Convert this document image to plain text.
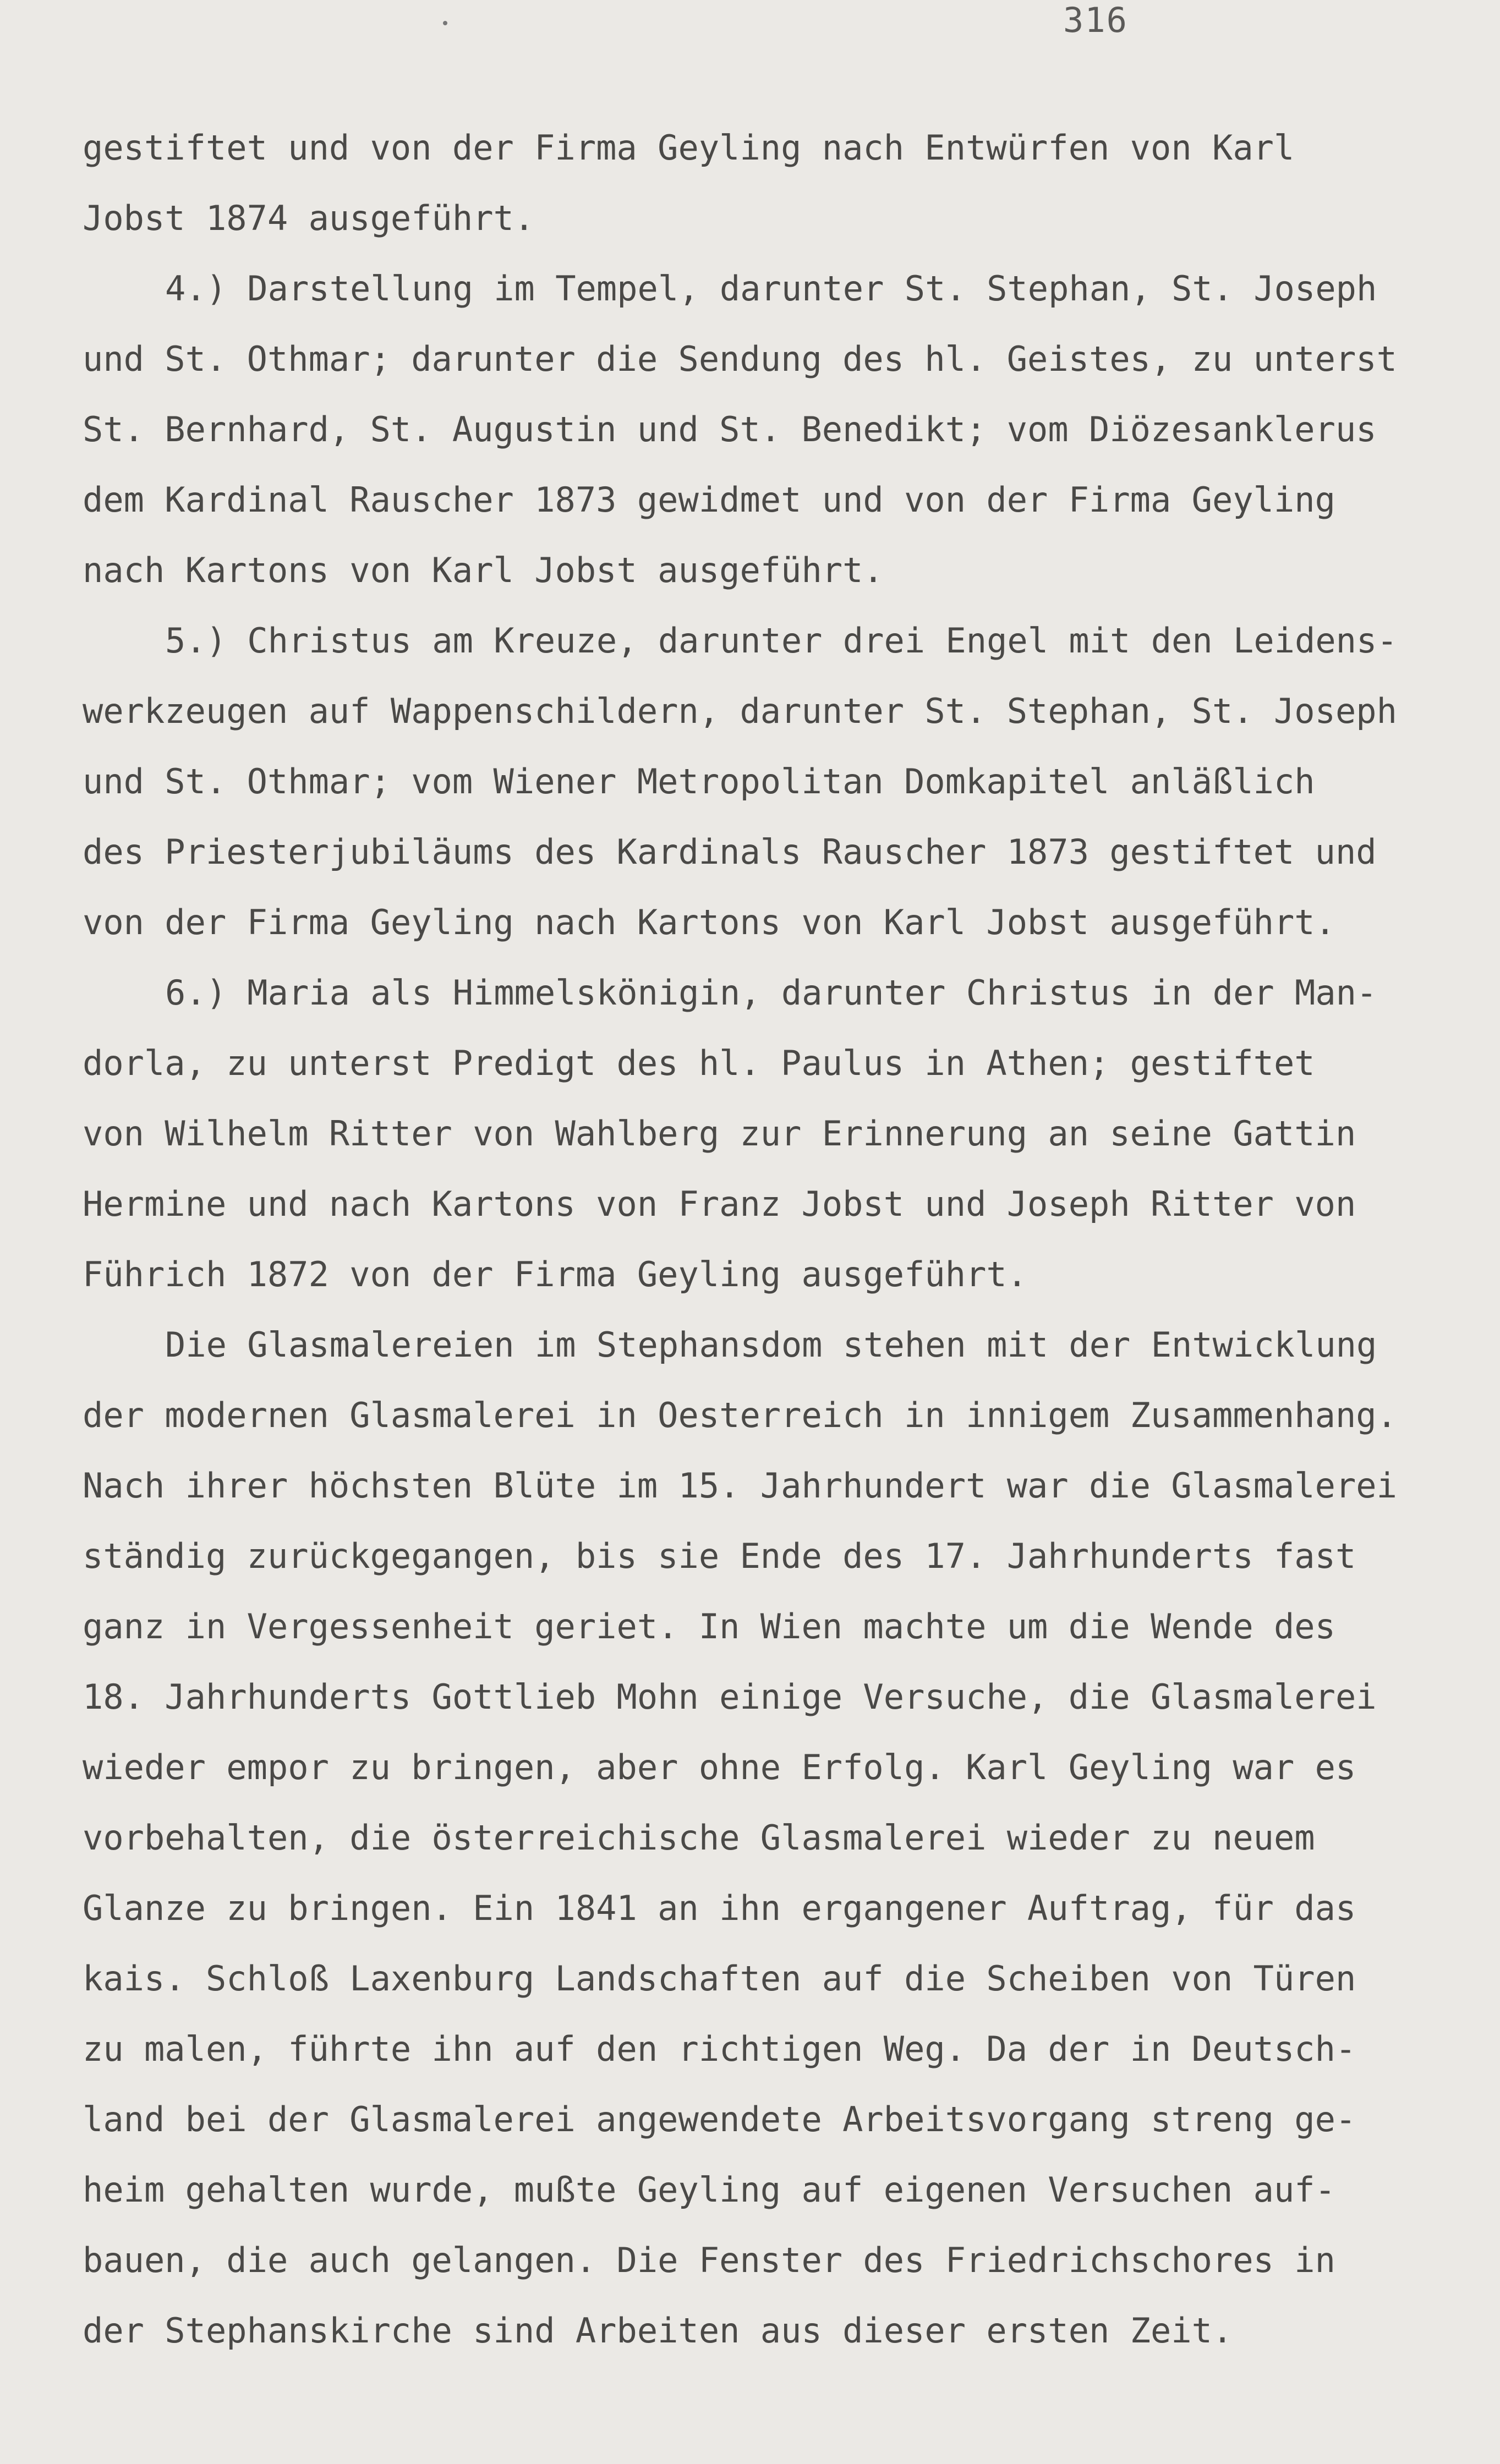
316
gestiftet und von der Firma Geyling nach Entwürfen von Karl
Jobst 1874 ausgeführt.
4.) Darstellung im Tempel, darunter St. Stephan, St. Joseph
und St. Othmar; darunter die Sendung des hl. Geistes, zu unterst
St. Bernhard, St. Augustin und St. Benedikt; vom Diözesanklerus
dem Kardinal Rauscher 1873 gewidmet und von der Firma Geyling
nach Kartons von Karl Jobst ausgeführt.
5.) Christus am Kreuze, darunter drei Engel mit den Leidens-
werkzeugen auf Wappenschildern, darunter St. Stephan, St. Joseph
und St. Othmar; vom Wiener Metropolitan Domkapitel anläßlich
des Priesterjubiläums des Kardinals Rauscher 1873 gestiftet und
von der Firma Geyling nach Kartons von Karl Jobst ausgeführt.
6.) Maria als Himmelskönigin, darunter Christus in der Man-
dorla, zu unterst Predigt des hl. Paulus in Athen; gestiftet
von Wilhelm Ritter von Wahlberg zur Erinnerung an seine Gattin
Hermine und nach Kartons von Franz Jobst und Joseph Ritter von
Führich 1872 von der Firma Geyling ausgeführt.
Die Glasmalereien im Stephansdom stehen mit der Entwicklung
der modernen Glasmalerei in Oesterreich in innigem Zusammenhang.
Nach ihrer höchsten Blüte im 15. Jahrhundert war die Glasmalerei
ständig zurückgegangen, bis sie Ende des 17. Jahrhunderts fast
ganz in Vergessenheit geriet. In Wien machte um die Wende des
18. Jahrhunderts Gottlieb Mohn einige Versuche, die Glasmalerei
wieder empor zu bringen, aber ohne Erfolg. Karl Geyling war es
vorbehalten, die österreichische Glasmalerei wieder zu neuem
Glanze zu bringen. Ein 1841 an ihn ergangener Auftrag, für das
kais. Schloß Laxenburg Landschaften auf die Scheiben von Türen
zu malen, führte ihn auf den richtigen Weg. Da der in Deutsch-
land bei der Glasmalerei angewendete Arbeitsvorgang streng ge-
heim gehalten wurde, mußte Geyling auf eigenen Versuchen auf-
bauen, die auch gelangen. Die Fenster des Friedrichschores in
der Stephanskirche sind Arbeiten aus dieser ersten Zeit.
